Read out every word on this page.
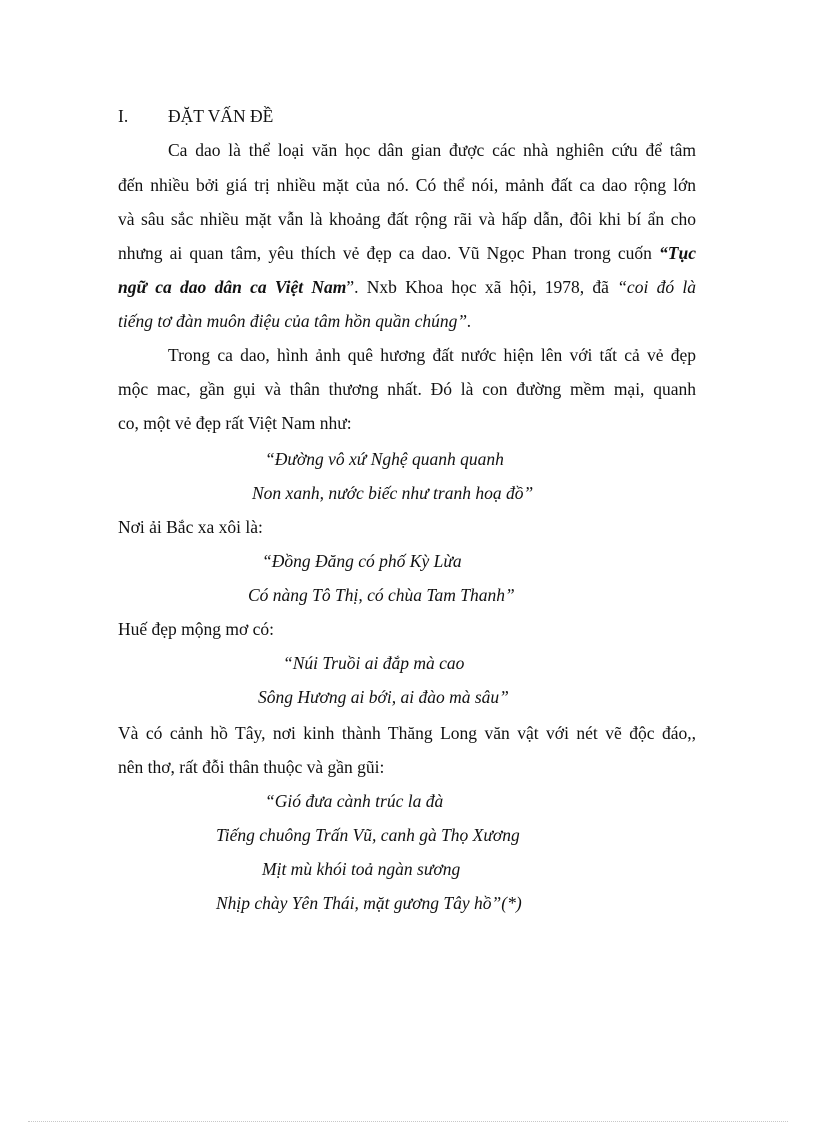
I. ĐẶT VẤN ĐỀ
Ca dao là thể loại văn học dân gian được các nhà nghiên cứu để tâm
đến nhiều bởi giá trị nhiều mặt của nó. Có thể nói, mảnh đất ca dao rộng lớn
và sâu sắc nhiều mặt vẫn là khoảng đất rộng rãi và hấp dẫn, đôi khi bí ẩn cho
nhưng ai quan tâm, yêu thích vẻ đẹp ca dao. Vũ Ngọc Phan trong cuốn “Tục
ngữ ca dao dân ca Việt Nam”. Nxb Khoa học xã hội, 1978, đã “coi đó là
tiếng tơ đàn muôn điệu của tâm hồn quần chúng”.
Trong ca dao, hình ảnh quê hương đất nước hiện lên với tất cả vẻ đẹp
mộc mac, gần gụi và thân thương nhất. Đó là con đường mềm mại, quanh
co, một vẻ đẹp rất Việt Nam như:
“Đường vô xứ Nghệ quanh quanh
Non xanh, nước biếc như tranh hoạ đồ”
Nơi ải Bắc xa xôi là:
“Đồng Đăng có phố Kỳ Lừa
Có nàng Tô Thị, có chùa Tam Thanh”
Huế đẹp mộng mơ có:
“Núi Truồi ai đắp mà cao
Sông Hương ai bới, ai đào mà sâu”
Và có cảnh hồ Tây, nơi kinh thành Thăng Long văn vật với nét vẽ độc đáo,,
nên thơ, rất đỗi thân thuộc và gần gũi:
“Gió đưa cành trúc la đà
Tiếng chuông Trấn Vũ, canh gà Thọ Xương
Mịt mù khói toả ngàn sương
Nhịp chày Yên Thái, mặt gương Tây hồ”(*)
